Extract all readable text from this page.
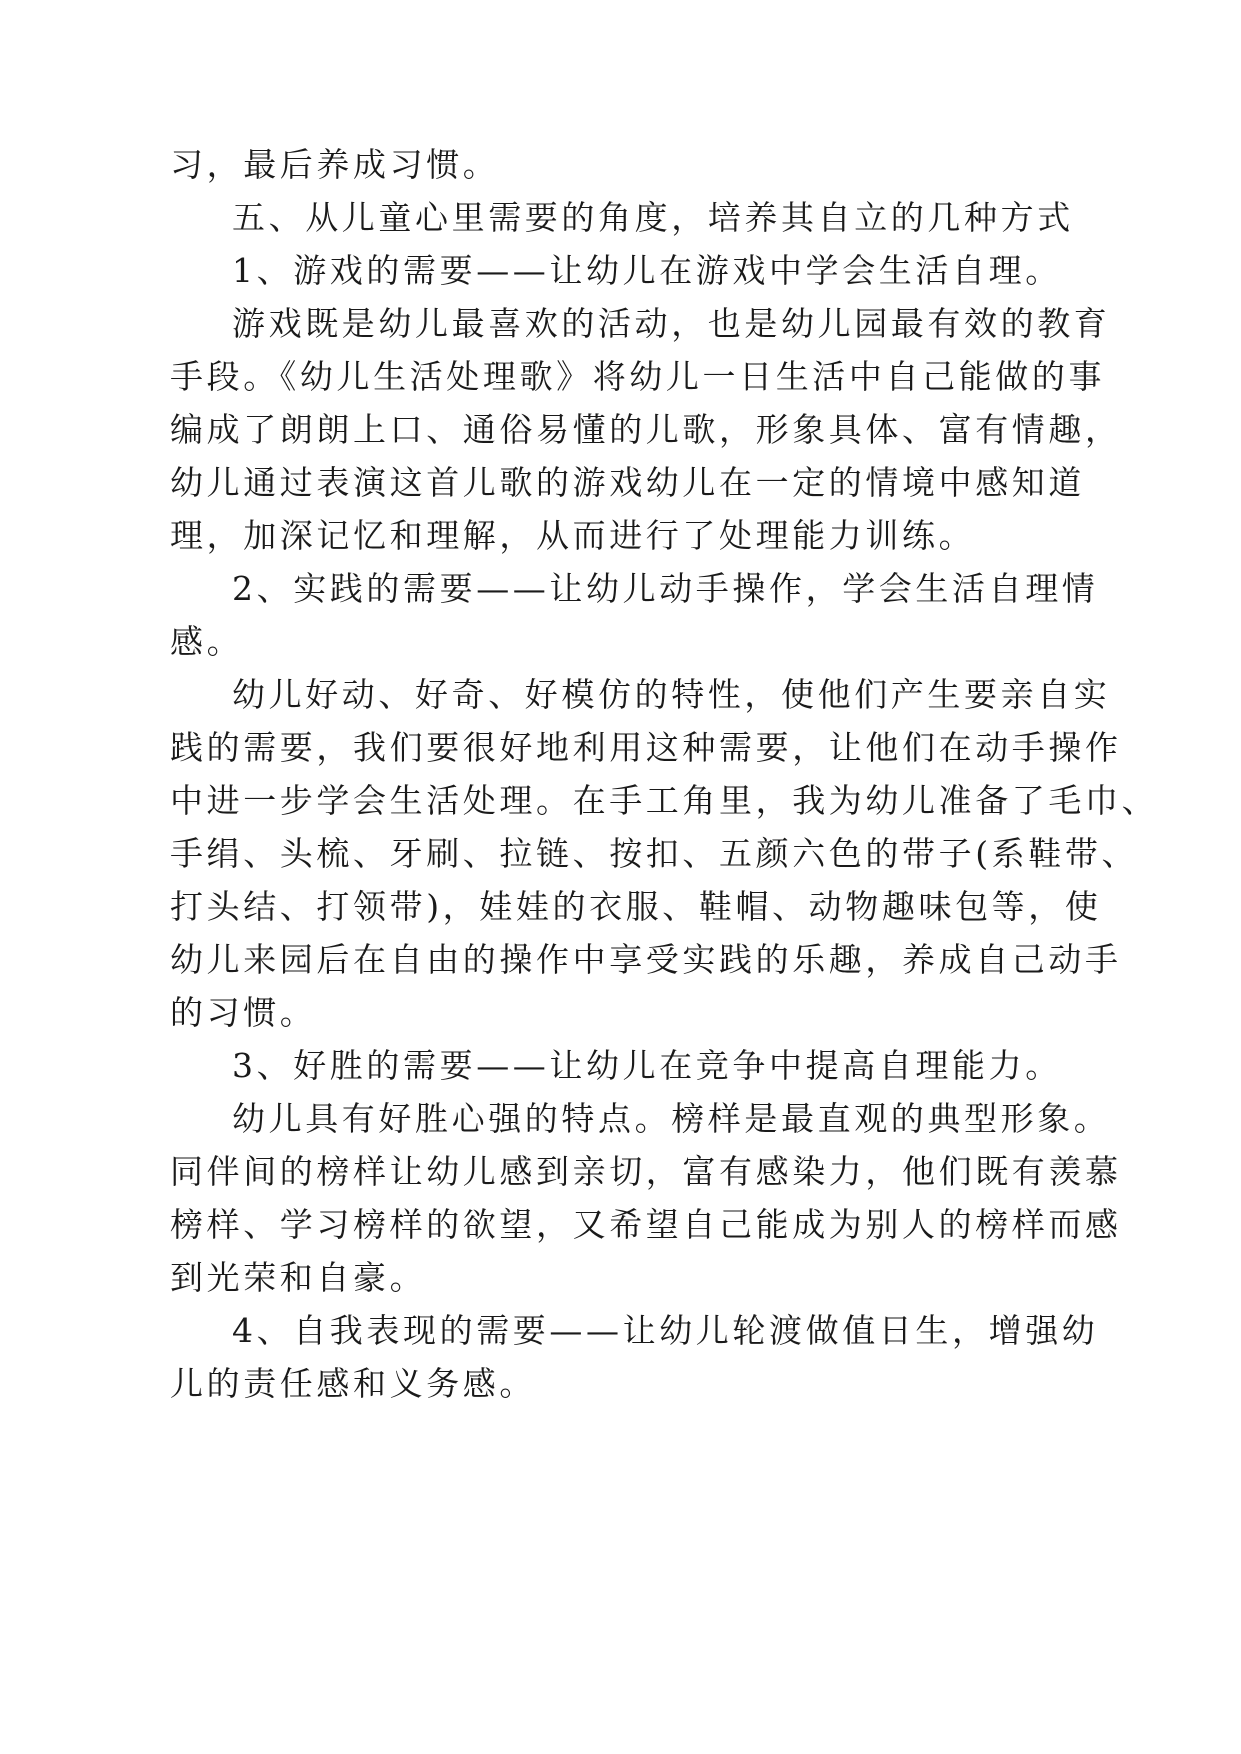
习，最后养成习惯。
五、从儿童心里需要的角度，培养其自立的几种方式
1、游戏的需要——让幼儿在游戏中学会生活自理。
游戏既是幼儿最喜欢的活动，也是幼儿园最有效的教育
手段。《幼儿生活处理歌》将幼儿一日生活中自己能做的事
编成了朗朗上口、通俗易懂的儿歌，形象具体、富有情趣，
幼儿通过表演这首儿歌的游戏幼儿在一定的情境中感知道
理，加深记忆和理解，从而进行了处理能力训练。
2、实践的需要——让幼儿动手操作，学会生活自理情
感。
幼儿好动、好奇、好模仿的特性，使他们产生要亲自实
践的需要，我们要很好地利用这种需要，让他们在动手操作
中进一步学会生活处理。在手工角里，我为幼儿准备了毛巾、
手绢、头梳、牙刷、拉链、按扣、五颜六色的带子(系鞋带、
打头结、打领带)，娃娃的衣服、鞋帽、动物趣味包等，使
幼儿来园后在自由的操作中享受实践的乐趣，养成自己动手
的习惯。
3、好胜的需要——让幼儿在竞争中提高自理能力。
幼儿具有好胜心强的特点。榜样是最直观的典型形象。
同伴间的榜样让幼儿感到亲切，富有感染力，他们既有羡慕
榜样、学习榜样的欲望，又希望自己能成为别人的榜样而感
到光荣和自豪。
4、自我表现的需要——让幼儿轮渡做值日生，增强幼
儿的责任感和义务感。
